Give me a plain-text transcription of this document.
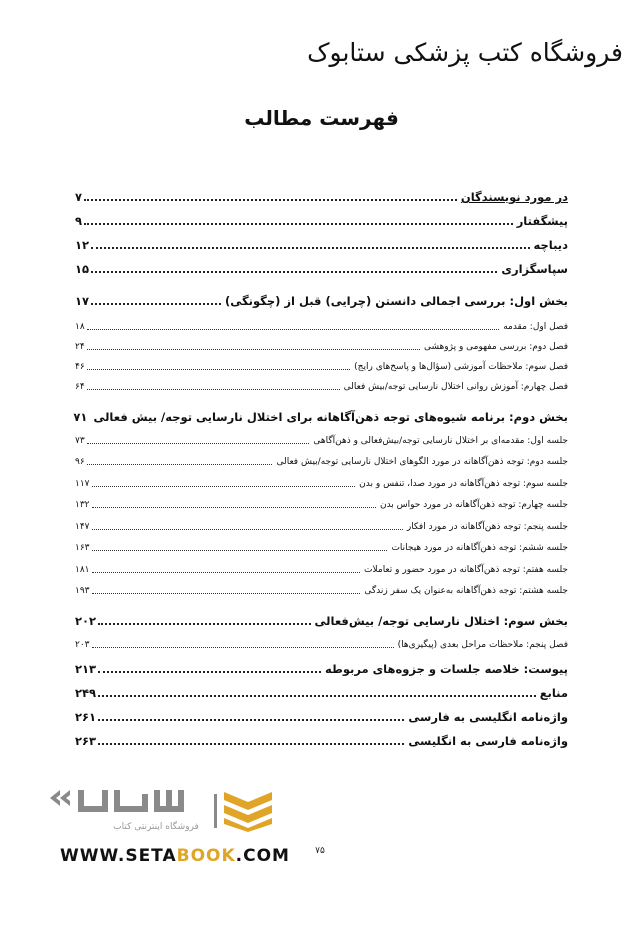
فروشگاه کتب پزشکی ستابوک
فهرست مطالب
در مورد نویسندگان
۷
پیشگفتار
۹
دیباچه
۱۲
سپاسگزاری
۱۵
بخش اول: بررسی اجمالی دانستن (چرایی) قبل از (چگونگی)
۱۷
فصل اول: مقدمه
۱۸
فصل دوم: بررسی مفهومی و پژوهشی
۲۴
فصل سوم: ملاحظات آموزشی (سؤال‌ها و پاسخ‌های رایج)
۴۶
فصل چهارم: آموزش روانی اختلال نارسایی توجه/بیش فعالی
۶۴
بخش دوم: برنامه شیوه‌های توجه ذهن‌آگاهانه برای اختلال نارسایی توجه/ بیش فعالی
۷۱
جلسه اول: مقدمه‌ای بر اختلال نارسایی توجه/بیش‌فعالی و ذهن‌آگاهی
۷۳
جلسه دوم: توجه ذهن‌آگاهانه در مورد الگوهای اختلال نارسایی توجه/بیش فعالی
۹۶
جلسه سوم: توجه ذهن‌آگاهانه در مورد صدا، تنفس و بدن
۱۱۷
جلسه چهارم: توجه ذهن‌آگاهانه در مورد حواس بدن
۱۳۲
جلسه پنجم: توجه ذهن‌آگاهانه در مورد افکار
۱۴۷
جلسه ششم: توجه ذهن‌آگاهانه در مورد هیجانات
۱۶۳
جلسه هفتم: توجه ذهن‌آگاهانه در مورد حضور و تعاملات
۱۸۱
جلسه هشتم: توجه ذهن‌آگاهانه به‌عنوان یک سفر زندگی
۱۹۳
بخش سوم: اختلال نارسایی توجه/ بیش‌فعالی
۲۰۲
فصل پنجم: ملاحظات مراحل بعدی (پیگیری‌ها)
۲۰۳
پیوست: خلاصه جلسات و جزوه‌های مربوطه
۲۱۳
منابع
۲۴۹
واژه‌نامه انگلیسی به فارسی
۲۶۱
واژه‌نامه فارسی به انگلیسی
۲۶۳
فروشگاه اینترنتی کتاب
WWW.SETABOOK.COM	۷۵
